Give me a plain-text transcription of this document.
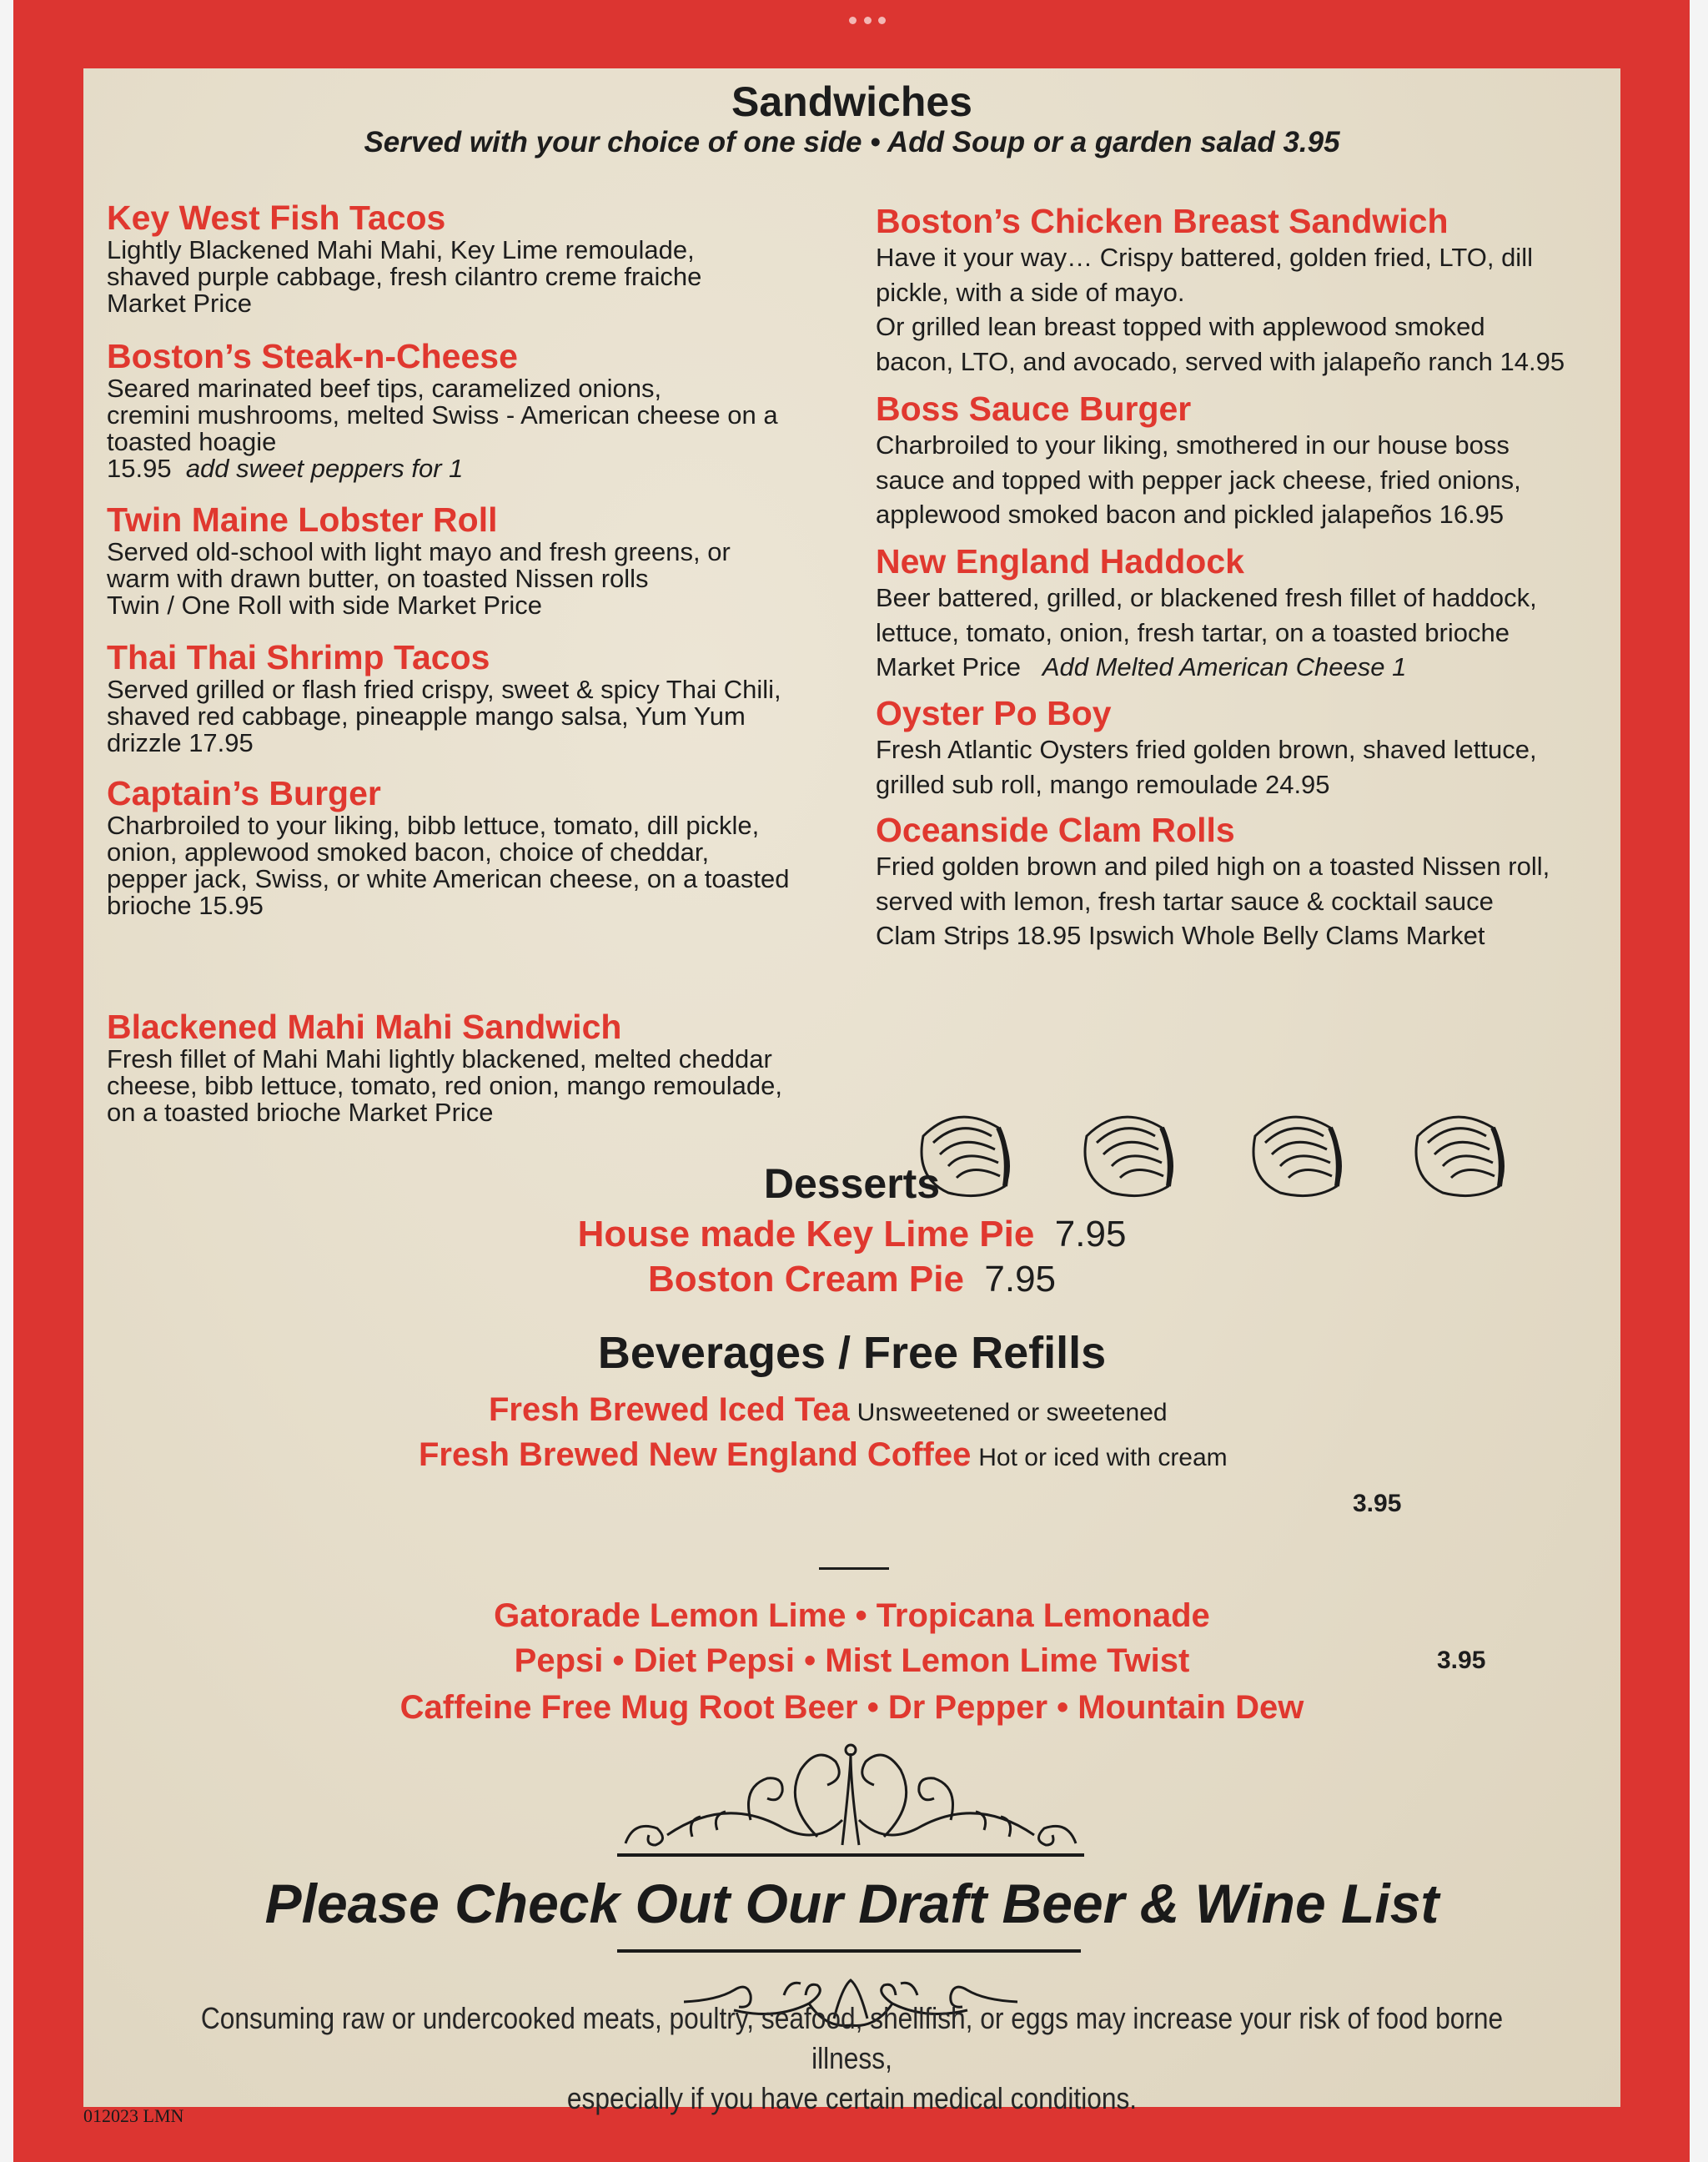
Sandwiches
Served with your choice of one side • Add Soup or a garden salad 3.95
Key West Fish Tacos
Lightly Blackened Mahi Mahi, Key Lime remoulade,
shaved purple cabbage, fresh cilantro creme fraiche
Market Price
Boston’s Steak-n-Cheese
Seared marinated beef tips, caramelized onions,
cremini mushrooms, melted Swiss - American cheese on a
toasted hoagie
15.95 add sweet peppers for 1
Twin Maine Lobster Roll
Served old-school with light mayo and fresh greens, or
warm with drawn butter, on toasted Nissen rolls
Twin / One Roll with side Market Price
Thai Thai Shrimp Tacos
Served grilled or flash fried crispy, sweet & spicy Thai Chili,
shaved red cabbage, pineapple mango salsa, Yum Yum
drizzle 17.95
Captain’s Burger
Charbroiled to your liking, bibb lettuce, tomato, dill pickle,
onion, applewood smoked bacon, choice of cheddar,
pepper jack, Swiss, or white American cheese, on a toasted
brioche 15.95
Blackened Mahi Mahi Sandwich
Fresh fillet of Mahi Mahi lightly blackened, melted cheddar
cheese, bibb lettuce, tomato, red onion, mango remoulade,
on a toasted brioche Market Price
Boston’s Chicken Breast Sandwich
Have it your way… Crispy battered, golden fried, LTO, dill
pickle, with a side of mayo.
Or grilled lean breast topped with applewood smoked
bacon, LTO, and avocado, served with jalapeño ranch 14.95
Boss Sauce Burger
Charbroiled to your liking, smothered in our house boss
sauce and topped with pepper jack cheese, fried onions,
applewood smoked bacon and pickled jalapeños 16.95
New England Haddock
Beer battered, grilled, or blackened fresh fillet of haddock,
lettuce, tomato, onion, fresh tartar, on a toasted brioche
Market Price Add Melted American Cheese 1
Oyster Po Boy
Fresh Atlantic Oysters fried golden brown, shaved lettuce,
grilled sub roll, mango remoulade 24.95
Oceanside Clam Rolls
Fried golden brown and piled high on a toasted Nissen roll,
served with lemon, fresh tartar sauce & cocktail sauce
Clam Strips 18.95 Ipswich Whole Belly Clams Market
Desserts
House made Key Lime Pie 7.95
Boston Cream Pie 7.95
Beverages / Free Refills
Fresh Brewed Iced Tea Unsweetened or sweetened
Fresh Brewed New England Coffee Hot or iced with cream
3.95
Gatorade Lemon Lime • Tropicana Lemonade
Pepsi • Diet Pepsi • Mist Lemon Lime Twist
Caffeine Free Mug Root Beer • Dr Pepper • Mountain Dew
3.95
Please Check Out Our Draft Beer & Wine List
Consuming raw or undercooked meats, poultry, seafood, shellfish, or eggs may increase your risk of food borne illness,
especially if you have certain medical conditions.
012023 LMN
